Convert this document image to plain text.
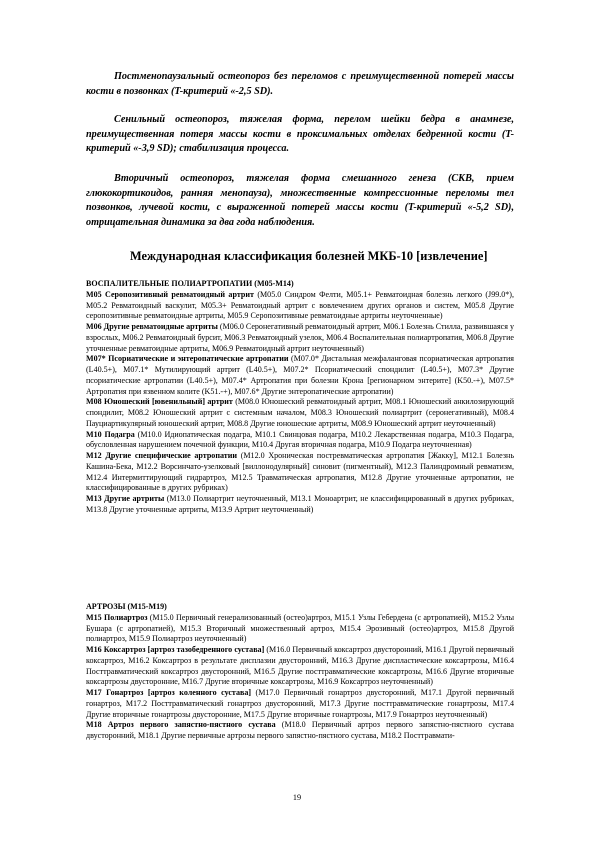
Постменопаузальный остеопороз без переломов с преимущественной потерей массы кости в позвонках (T-критерий «-2,5 SD).

Сенильный остеопороз, тяжелая форма, перелом шейки бедра в анамнезе, преимущественная потеря массы кости в проксимальных отделах бедренной кости (T-критерий «-3,9 SD); стабилизация процесса.

Вторичный остеопороз, тяжелая форма смешанного генеза (СКВ, прием глюкокортикоидов, ранняя менопауза), множественные компрессионные переломы тел позвонков, лучевой кости, с выраженной потерей массы кости (T-критерий «-5,2 SD), отрицательная динамика за два года наблюдения.

Международная классификация болезней МКБ-10 [извлечение]

ВОСПАЛИТЕЛЬНЫЕ ПОЛИАРТРОПАТИИ (М05-М14)

М05 Серопозитивный ревматоидный артрит (М05.0 Синдром Фелти, М05.1+ Ревматоидная болезнь легкого (J99.0*), М05.2 Ревматоидный васкулит, М05.3+ Ревматоидный артрит с вовлечением других органов и систем, М05.8 Другие серопозитивные ревматоидные артриты, М05.9 Серопозитивные ревматоидные артриты неуточненные)

М06 Другие ревматоидные артриты (М06.0 Серонегативный ревматоидный артрит, М06.1 Болезнь Стилла, развившаяся у взрослых, М06.2 Ревматоидный бурсит, М06.3 Ревматоидный узелок, М06.4 Воспалительная полиартропатия, М06.8 Другие уточненные ревматоидные артриты, М06.9 Ревматоидный артрит неуточненный)

М07* Псориатические и энтеропатические артропатии (М07.0* Дистальная межфаланговая псориатическая артропатия (L40.5+), М07.1* Мутилирующий артрит (L40.5+), М07.2* Псориатический спондилит (L40.5+), М07.3* Другие псориатические артропатии (L40.5+), М07.4* Артропатия при болезни Крона [регионарном энтерите] (K50.-+), М07.5* Артропатия при язвенном колите (K51.-+), М07.6* Другие энтеропатические артропатии)

М08 Юношеский [ювенильный] артрит (М08.0 Юношеский ревматоидный артрит, М08.1 Юношеский анкилозирующий спондилит, М08.2 Юношеский артрит с системным началом, М08.3 Юношеский полиартрит (серонегативный), М08.4 Пауциартикулярный юношеский артрит, М08.8 Другие юношеские артриты, М08.9 Юношеский артрит неуточненный)

М10 Подагра (М10.0 Идиопатическая подагра, М10.1 Свинцовая подагра, М10.2 Лекарственная подагра, М10.3 Подагра, обусловленная нарушением почечной функции, М10.4 Другая вторичная подагра, М10.9 Подагра неуточненная)

М12 Другие специфические артропатии (М12.0 Хроническая постревматическая артропатия [Жакку], М12.1 Болезнь Кашина-Бека, М12.2 Ворсинчато-узелковый [виллонодулярный] синовит (пигментный), М12.3 Палиндромный ревматизм, М12.4 Интермиттирующий гидрартроз, М12.5 Травматическая артропатия, М12.8 Другие уточненные артропатии, не классифицированные в других рубриках)

М13 Другие артриты (М13.0 Полиартрит неуточненный, М13.1 Моноартрит, не классифицированный в других рубриках, М13.8 Другие уточненные артриты, М13.9 Артрит неуточненный)

АРТРОЗЫ (М15-М19)

М15 Полиартроз (М15.0 Первичный генерализованный (остео)артроз, М15.1 Узлы Гебердена (с артропатией), М15.2 Узлы Бушара (с артропатией), М15.3 Вторичный множественный артроз, М15.4 Эрозивный (остео)артроз, М15.8 Другой полиартроз, М15.9 Полиартроз неуточненный)

М16 Коксартроз [артроз тазобедренного сустава] (М16.0 Первичный коксартроз двусторонний, М16.1 Другой первичный коксартроз, М16.2 Коксартроз в результате дисплазии двусторонний, М16.3 Другие диспластические коксартрозы, М16.4 Посттравматический коксартроз двусторонний, М16.5 Другие посттравматические коксартрозы, М16.6 Другие вторичные коксартрозы двусторонние, М16.7 Другие вторичные коксартрозы, М16.9 Коксартроз неуточненный)

М17 Гонартроз [артроз коленного сустава] (М17.0 Первичный гонартроз двусторонний, М17.1 Другой первичный гонартроз, М17.2 Посттравматический гонартроз двусторонний, М17.3 Другие посттравматические гонартрозы, М17.4 Другие вторичные гонартрозы двусторонние, М17.5 Другие вторичные гонартрозы, М17.9 Гонартроз неуточненный)

М18 Артроз первого запястно-пястного сустава (М18.0 Первичный артроз первого запястно-пястного сустава двусторонний, М18.1 Другие первичные артрозы первого запястно-пястного сустава, М18.2 Посттравмати-

19
